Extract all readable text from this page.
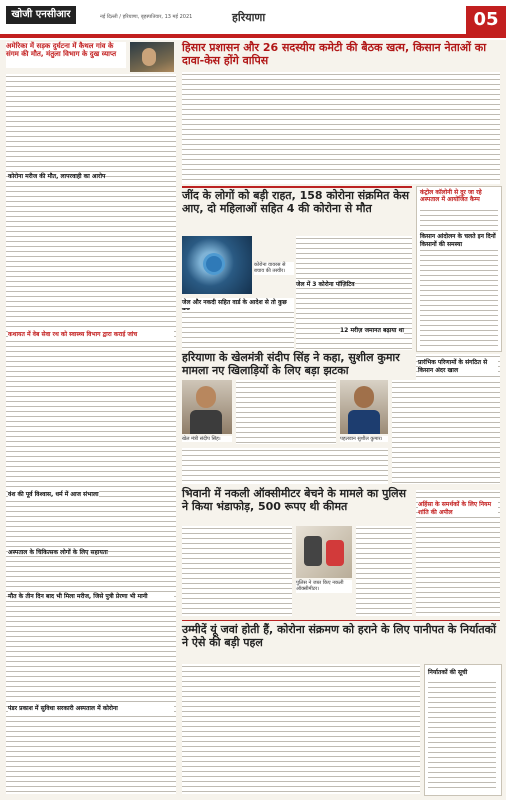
खोजी एनसीआर	नई दिल्ली / हरियाणा, बृहस्पतिवार, 13 मई 2021	हरियाणा	05
अमेरिका में सड़क दुर्घटना में कैथल गांव के संगम की मौत, मंतुला विभाग के दुख व्याप्त
कोरोना मरीज की मौत, लापरवाही का आरोप
कथायत में वेब सेवा रथ को स्वास्थ्य विभाग द्वारा कराई जांच
वंश की पूर्व विश्वास, धर्म में आज संभाला
अस्पताल के चिकित्सक लोगों के लिए सहायता
मौत के तीन दिन बाद भी मिला मरीज, जिसे पुत्री प्रेरणा भी मानी
पंडर प्रकाश में सुविधा सरकारी अस्पताल में कोरोना
हिसार प्रशासन और 26 सदस्यीय कमेटी की बैठक खत्म, किसान नेताओं का दावा-केस होंगे वापिस
जींद के लोगों को बड़ी राहत, 158 कोरोना संक्रमित केस आए, दो महिलाओं सहित 4 की कोरोना से मौत
कोरोना वायरस से बचाव की तस्वीर।
जेल और नकदी सहित वार्ड के आदेश से तो कुछ
जेल में 3 कोरोना पॉज़िटिव
12 मरीज़ जमानत बढ़ाया था
कंट्रोल कॉलोनी से दूर जा रहे अस्पताल में आयोजित कैम्प
किसान आंदोलन के चलते इन दिनों किसानों की समस्या
प्रारंभिक परिणामों के संगठित से किसान अंदर खाल
हरियाणा के खेलमंत्री संदीप सिंह ने कहा, सुशील कुमार मामला नए खिलाड़ियों के लिए बड़ा झटका
खेल मंत्री संदीप सिंह।	पहलवान सुशील कुमार।
भिवानी में नकली ऑक्सीमीटर बेचने के मामले का पुलिस ने किया भंडाफोड़, 500 रूपए थी कीमत
पुलिस ने जब्त किए नकली ऑक्सीमीटर।
अहिंसा के समर्थकों के लिए नियम शांति की अपील
उम्मीदें यूं जवां होती हैं, कोरोना संक्रमण को हराने के लिए पानीपत के निर्यातकों ने ऐसे की बड़ी पहल
निर्यातकों की सूची
